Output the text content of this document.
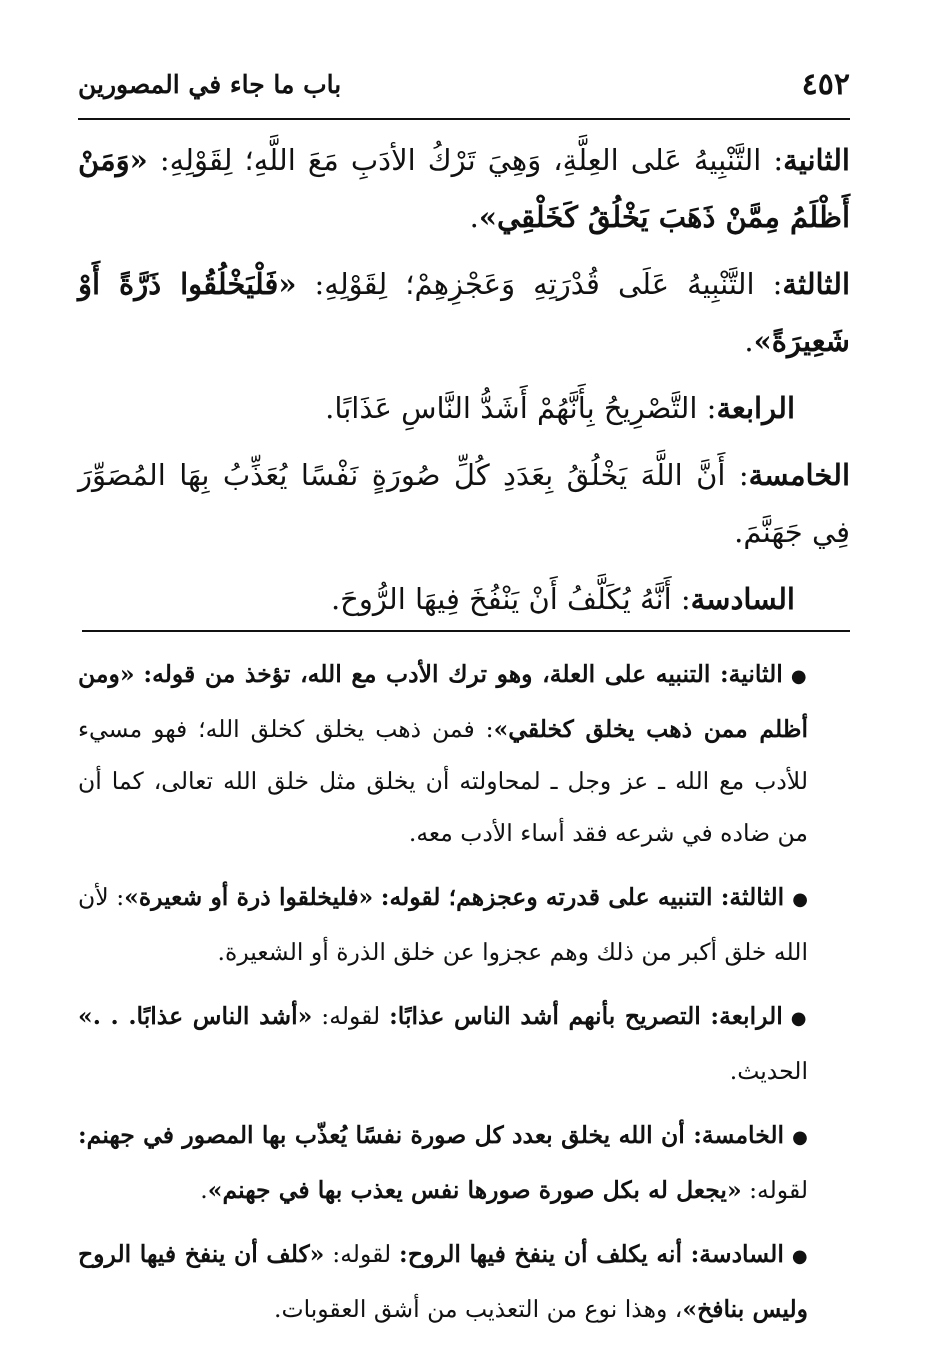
٤٥٢
باب ما جاء في المصورين

الثانية: التَّنْبِيهُ عَلى العِلَّةِ، وَهِيَ تَرْكُ الأدَبِ مَعَ اللَّهِ؛ لِقَوْلِهِ: «وَمَنْ أَظْلَمُ مِمَّنْ ذَهَبَ يَخْلُقُ كَخَلْقِي».

الثالثة: التَّنْبِيهُ عَلَى قُدْرَتِهِ وَعَجْزِهِمْ؛ لِقَوْلِهِ: «فَلْيَخْلُقُوا ذَرَّةً أَوْ شَعِيرَةً».

الرابعة: التَّصْرِيحُ بِأَنَّهُمْ أَشَدُّ النَّاسِ عَذَابًا.

الخامسة: أَنَّ اللَّهَ يَخْلُقُ بِعَدَدِ كُلِّ صُورَةٍ نَفْسًا يُعَذِّبُ بِهَا المُصَوِّرَ فِي جَهَنَّمَ.

السادسة: أَنَّهُ يُكَلَّفُ أَنْ يَنْفُخَ فِيهَا الرُّوحَ.

●الثانية: التنبيه على العلة، وهو ترك الأدب مع الله، تؤخذ من قوله: «ومن أظلم ممن ذهب يخلق كخلقي»: فمن ذهب يخلق كخلق الله؛ فهو مسيء للأدب مع الله ـ عز وجل ـ لمحاولته أن يخلق مثل خلق الله تعالى، كما أن من ضاده في شرعه فقد أساء الأدب معه.

●الثالثة: التنبيه على قدرته وعجزهم؛ لقوله: «فليخلقوا ذرة أو شعيرة»: لأن الله خلق أكبر من ذلك وهم عجزوا عن خلق الذرة أو الشعيرة.

●الرابعة: التصريح بأنهم أشد الناس عذابًا: لقوله: «أشد الناس عذابًا. . .» الحديث.

●الخامسة: أن الله يخلق بعدد كل صورة نفسًا يُعذّب بها المصور في جهنم: لقوله: «يجعل له بكل صورة صورها نفس يعذب بها في جهنم».

●السادسة: أنه يكلف أن ينفخ فيها الروح: لقوله: «كلف أن ينفخ فيها الروح وليس بنافخ»، وهذا نوع من التعذيب من أشق العقوبات.
